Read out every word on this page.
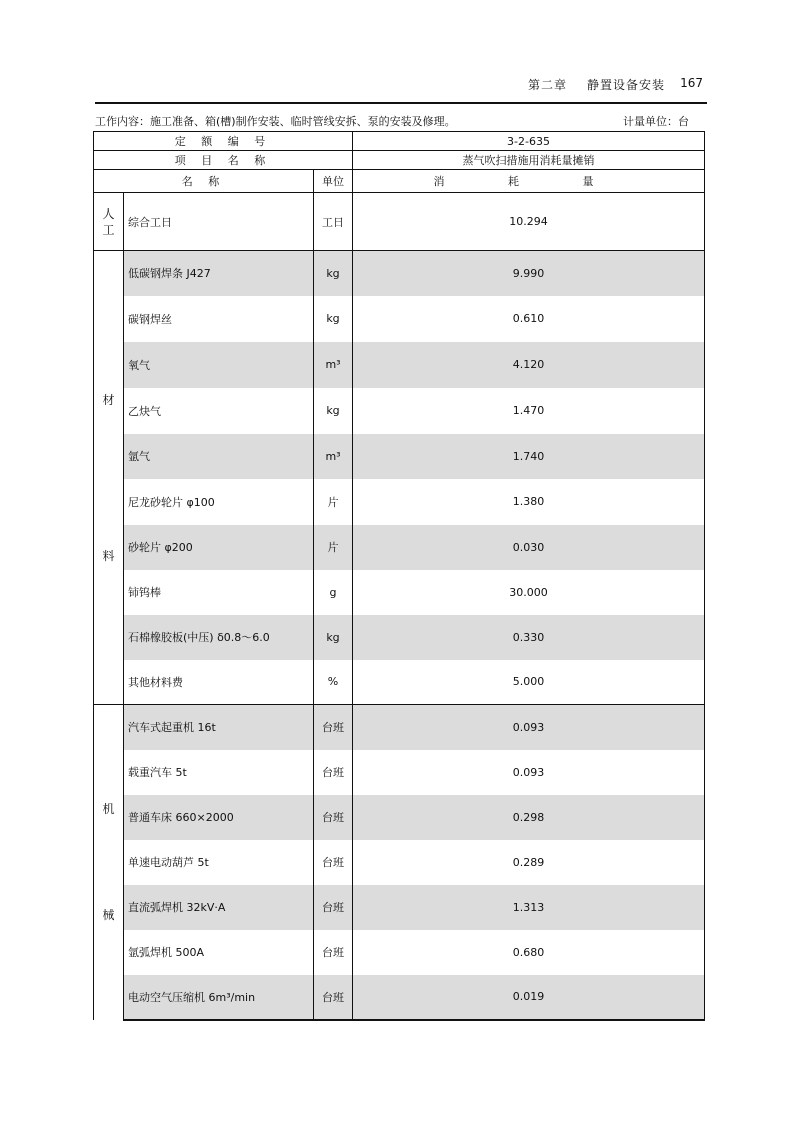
第二章 静置设备安装 167
工作内容：施工准备、箱(槽)制作安装、临时管线安拆、泵的安装及修理。	计量单位：台
定 额 编 号			3-2-635
项 目 名 称			蒸气吹扫措施用消耗量摊销
名 称		单位	消 耗 量

人
工	综合工日	工日	10.294

材
料	低碳钢焊条 J427	kg	9.990
	碳钢焊丝	kg	0.610
	氧气	m³	4.120
	乙炔气	kg	1.470
	氩气	m³	1.740
	尼龙砂轮片 φ100	片	1.380
	砂轮片 φ200	片	0.030
	铈钨棒	g	30.000
	石棉橡胶板(中压) δ0.8～6.0	kg	0.330
	其他材料费	%	5.000

机
械	汽车式起重机 16t	台班	0.093
	载重汽车 5t	台班	0.093
	普通车床 660×2000	台班	0.298
	单速电动葫芦 5t	台班	0.289
	直流弧焊机 32kV·A	台班	1.313
	氩弧焊机 500A	台班	0.680
	电动空气压缩机 6m³/min	台班	0.019
